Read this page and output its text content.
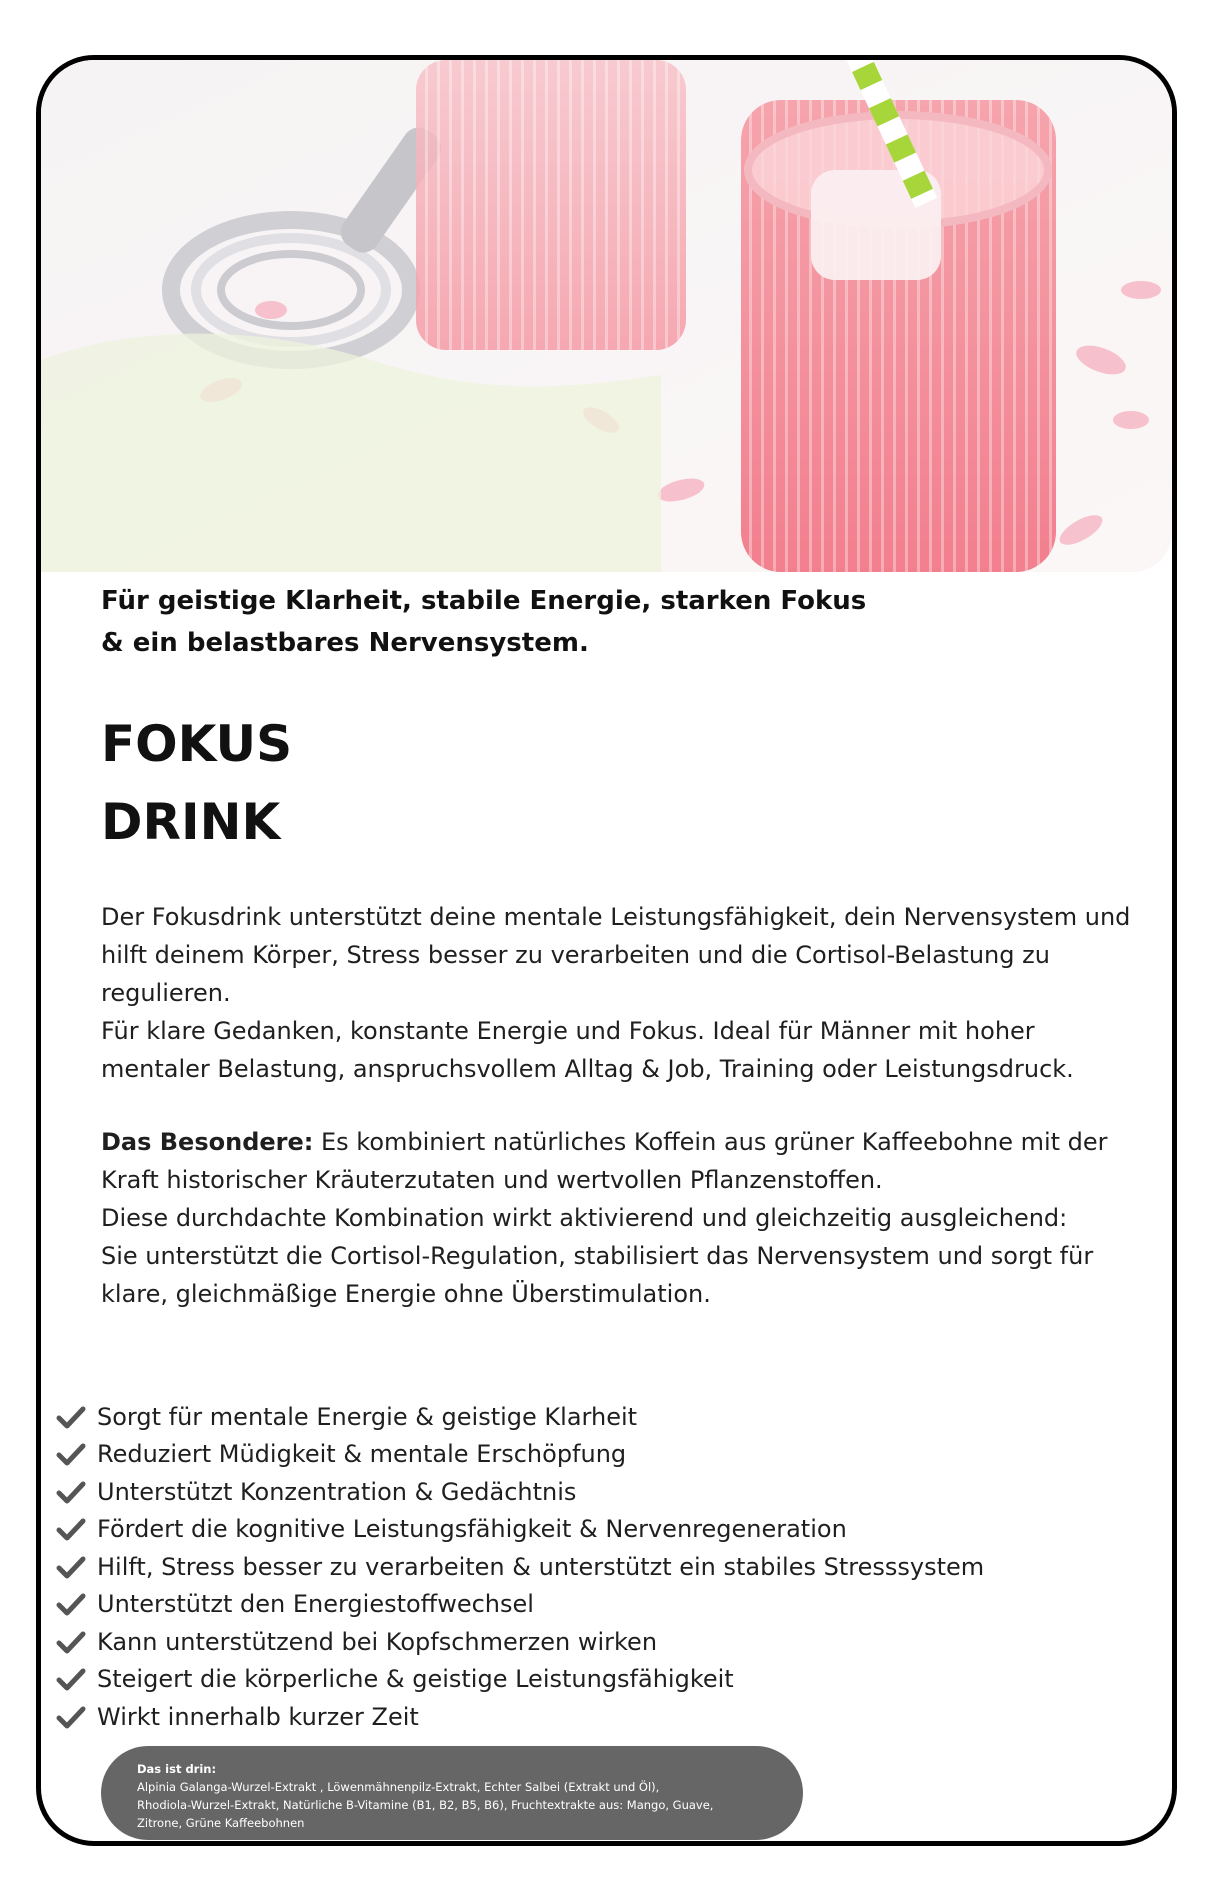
Für geistige Klarheit, stabile Energie, starken Fokus
& ein belastbares Nervensystem.
FOKUS
DRINK
Der Fokusdrink unterstützt deine mentale Leistungsfähigkeit, dein Nervensystem und
hilft deinem Körper, Stress besser zu verarbeiten und die Cortisol-Belastung zu
regulieren.
Für klare Gedanken, konstante Energie und Fokus. Ideal für Männer mit hoher
mentaler Belastung, anspruchsvollem Alltag & Job, Training oder Leistungsdruck.
Das Besondere: Es kombiniert natürliches Koffein aus grüner Kaffeebohne mit der
Kraft historischer Kräuterzutaten und wertvollen Pflanzenstoffen.
Diese durchdachte Kombination wirkt aktivierend und gleichzeitig ausgleichend:
Sie unterstützt die Cortisol-Regulation, stabilisiert das Nervensystem und sorgt für
klare, gleichmäßige Energie ohne Überstimulation.
Sorgt für mentale Energie & geistige Klarheit
Reduziert Müdigkeit & mentale Erschöpfung
Unterstützt Konzentration & Gedächtnis
Fördert die kognitive Leistungsfähigkeit & Nervenregeneration
Hilft, Stress besser zu verarbeiten & unterstützt ein stabiles Stresssystem
Unterstützt den Energiestoffwechsel
Kann unterstützend bei Kopfschmerzen wirken
Steigert die körperliche & geistige Leistungsfähigkeit
Wirkt innerhalb kurzer Zeit
Das ist drin:
Alpinia Galanga-Wurzel-Extrakt , Löwenmähnenpilz-Extrakt, Echter Salbei (Extrakt und Öl),
Rhodiola-Wurzel-Extrakt, Natürliche B-Vitamine (B1, B2, B5, B6), Fruchtextrakte aus: Mango, Guave,
Zitrone, Grüne Kaffeebohnen
